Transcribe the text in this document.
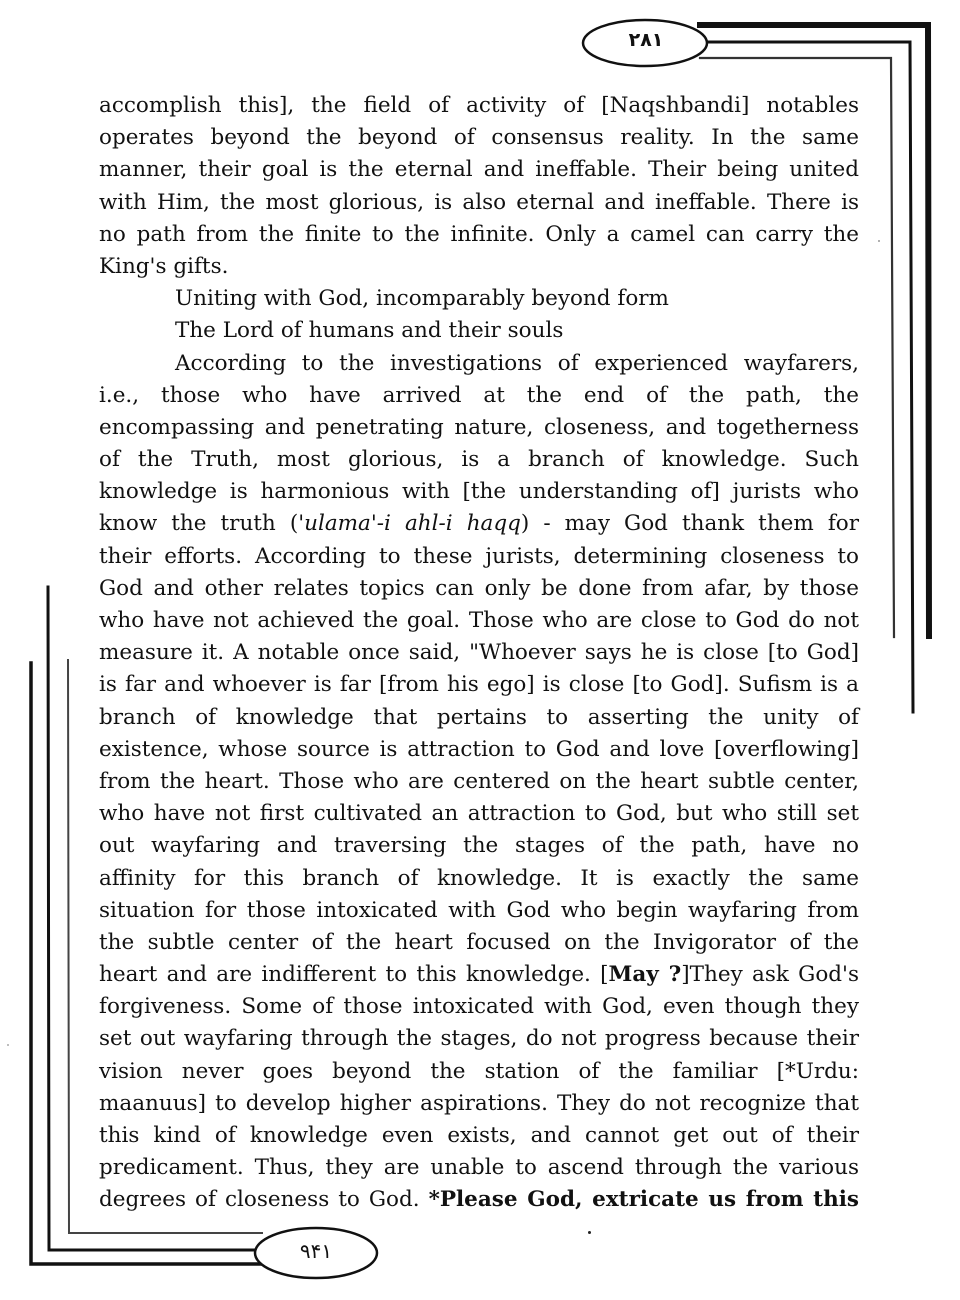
۲۸۱
۹۴۱
accomplish this], the field of activity of [Naqshbandi] notables
operates beyond the beyond of consensus reality. In the same
manner, their goal is the eternal and ineffable. Their being united
with Him, the most glorious, is also eternal and ineffable. There is
no path from the finite to the infinite. Only a camel can carry the
King's gifts.
Uniting with God, incomparably beyond form
The Lord of humans and their souls
According to the investigations of experienced wayfarers,
i.e., those who have arrived at the end of the path, the
encompassing and penetrating nature, closeness, and togetherness
of the Truth, most glorious, is a branch of knowledge. Such
knowledge is harmonious with [the understanding of] jurists who
know the truth ('ulama'-i ahl-i haqq) - may God thank them for
their efforts. According to these jurists, determining closeness to
God and other relates topics can only be done from afar, by those
who have not achieved the goal. Those who are close to God do not
measure it. A notable once said, "Whoever says he is close [to God]
is far and whoever is far [from his ego] is close [to God]. Sufism is a
branch of knowledge that pertains to asserting the unity of
existence, whose source is attraction to God and love [overflowing]
from the heart. Those who are centered on the heart subtle center,
who have not first cultivated an attraction to God, but who still set
out wayfaring and traversing the stages of the path, have no
affinity for this branch of knowledge. It is exactly the same
situation for those intoxicated with God who begin wayfaring from
the subtle center of the heart focused on the Invigorator of the
heart and are indifferent to this knowledge. [May ?]They ask God's
forgiveness. Some of those intoxicated with God, even though they
set out wayfaring through the stages, do not progress because their
vision never goes beyond the station of the familiar [*Urdu:
maanuus] to develop higher aspirations. They do not recognize that
this kind of knowledge even exists, and cannot get out of their
predicament. Thus, they are unable to ascend through the various
degrees of closeness to God. *Please God, extricate us from this
